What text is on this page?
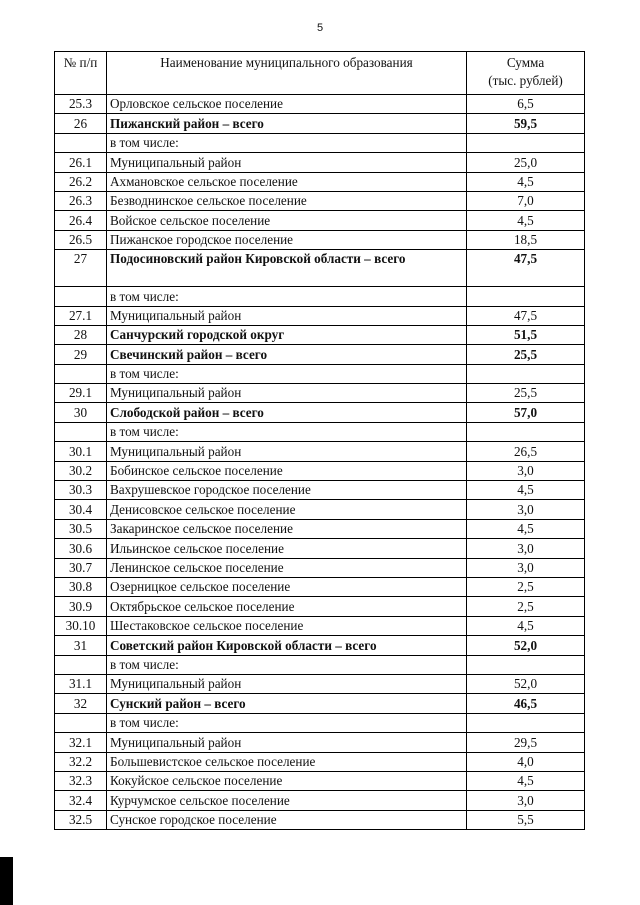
5
№ п/п	Наименование муниципального образования	Сумма
(тыс. рублей)
25.3	Орловское сельское поселение	6,5
26	Пижанский район – всего	59,5
	в том числе:	
26.1	Муниципальный район	25,0
26.2	Ахмановское сельское поселение	4,5
26.3	Безводнинское сельское поселение	7,0
26.4	Войское сельское поселение	4,5
26.5	Пижанское городское поселение	18,5
27	Подосиновский район Кировской области – всего	47,5
	в том числе:	
27.1	Муниципальный район	47,5
28	Санчурский городской округ	51,5
29	Свечинский район – всего	25,5
	в том числе:	
29.1	Муниципальный район	25,5
30	Слободской район – всего	57,0
	в том числе:	
30.1	Муниципальный район	26,5
30.2	Бобинское сельское поселение	3,0
30.3	Вахрушевское городское поселение	4,5
30.4	Денисовское сельское поселение	3,0
30.5	Закаринское сельское поселение	4,5
30.6	Ильинское сельское поселение	3,0
30.7	Ленинское сельское поселение	3,0
30.8	Озерницкое сельское поселение	2,5
30.9	Октябрьское сельское поселение	2,5
30.10	Шестаковское сельское поселение	4,5
31	Советский район Кировской области – всего	52,0
	в том числе:	
31.1	Муниципальный район	52,0
32	Сунский район – всего	46,5
	в том числе:	
32.1	Муниципальный район	29,5
32.2	Большевистское сельское поселение	4,0
32.3	Кокуйское сельское поселение	4,5
32.4	Курчумское сельское поселение	3,0
32.5	Сунское городское поселение	5,5
